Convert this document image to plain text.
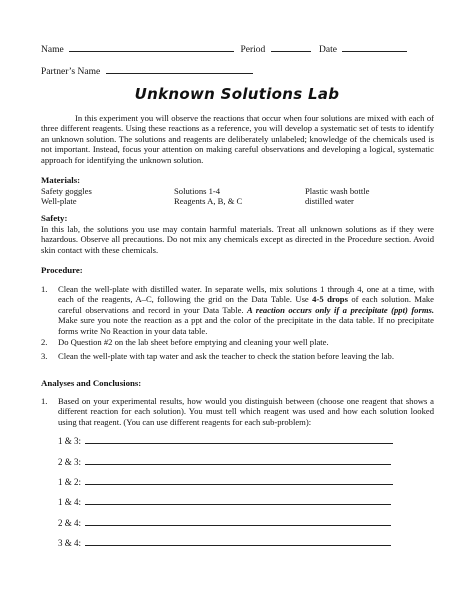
Name	Period	Date
Partner’s Name
Unknown Solutions Lab
In this experiment you will observe the reactions that occur when four solutions are mixed with each of three different reagents. Using these reactions as a reference, you will develop a systematic set of tests to identify an unknown solution. The solutions and reagents are deliberately unlabeled; knowledge of the chemicals used is not important. Instead, focus your attention on making careful observations and developing a logical, systematic approach for identifying the unknown solution.
Materials:
Safety goggles
Well-plate
Solutions 1-4
Reagents A, B, & C
Plastic wash bottle
distilled water
Safety:
In this lab, the solutions you use may contain harmful materials. Treat all unknown solutions as if they were hazardous. Observe all precautions. Do not mix any chemicals except as directed in the Procedure section. Avoid skin contact with these chemicals.
Procedure:
1. Clean the well-plate with distilled water. In separate wells, mix solutions 1 through 4, one at a time, with each of the reagents, A–C, following the grid on the Data Table. Use 4-5 drops of each solution. Make careful observations and record in your Data Table. A reaction occurs only if a precipitate (ppt) forms. Make sure you note the reaction as a ppt and the color of the precipitate in the data table. If no precipitate forms write No Reaction in your data table.
2. Do Question #2 on the lab sheet before emptying and cleaning your well plate.
3. Clean the well-plate with tap water and ask the teacher to check the station before leaving the lab.
Analyses and Conclusions:
1. Based on your experimental results, how would you distinguish between (choose one reagent that shows a different reaction for each solution). You must tell which reagent was used and how each solution looked using that reagent. (You can use different reagents for each sub-problem):
1 & 3:
2 & 3:
1 & 2:
1 & 4:
2 & 4:
3 & 4:
